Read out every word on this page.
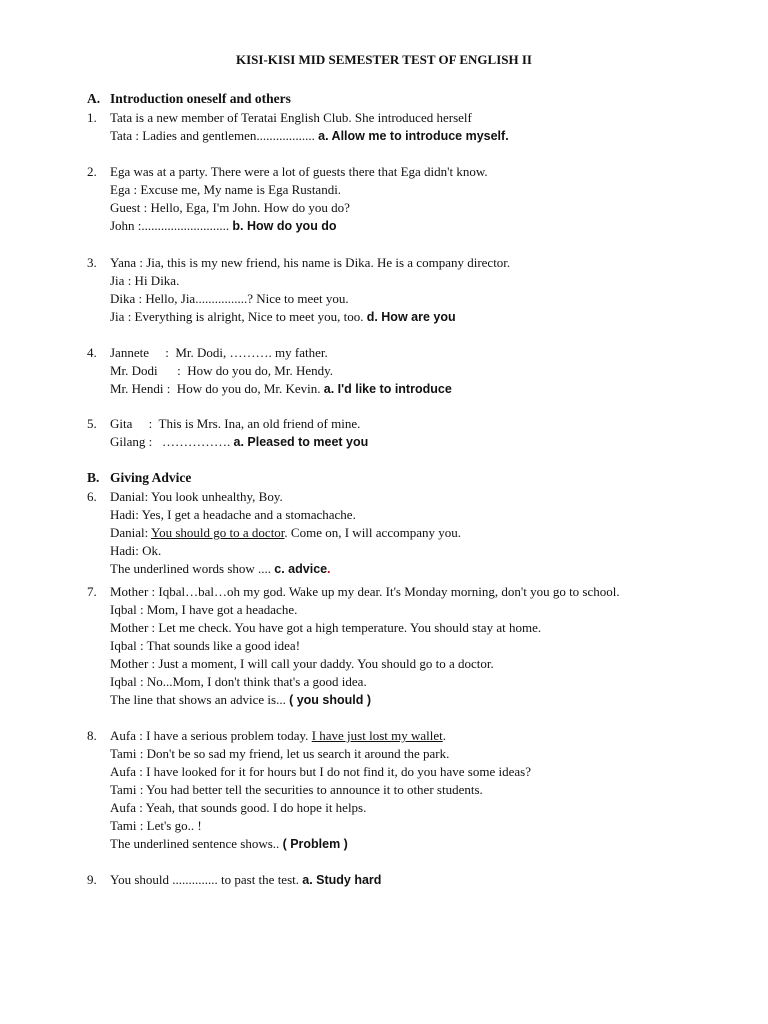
KISI-KISI MID SEMESTER TEST OF ENGLISH II
A. Introduction oneself and others
1. Tata is a new member of Teratai English Club. She introduced herself
Tata : Ladies and gentlemen.................. a. Allow me to introduce myself.
2. Ega was at a party. There were a lot of guests there that Ega didn't know.
Ega : Excuse me, My name is Ega Rustandi.
Guest : Hello, Ega, I'm John. How do you do?
John :........................... b. How do you do
3. Yana : Jia, this is my new friend, his name is Dika. He is a company director.
Jia : Hi Dika.
Dika : Hello, Jia................? Nice to meet you.
Jia : Everything is alright, Nice to meet you, too. d. How are you
4. Jannete     :  Mr. Dodi, ………. my father.
Mr. Dodi      :  How do you do, Mr. Hendy.
Mr. Hendi :  How do you do, Mr. Kevin. a. I'd like to introduce
5. Gita     :  This is Mrs. Ina, an old friend of mine.
Gilang :   ……………. a. Pleased to meet you
B. Giving Advice
6. Danial: You look unhealthy, Boy.
Hadi: Yes, I get a headache and a stomachache.
Danial: You should go to a doctor. Come on, I will accompany you.
Hadi: Ok.
The underlined words show .... c. advice.
7. Mother : Iqbal…bal…oh my god. Wake up my dear. It's Monday morning, don't you go to school.
Iqbal : Mom, I have got a headache.
Mother : Let me check. You have got a high temperature. You should stay at home.
Iqbal : That sounds like a good idea!
Mother : Just a moment, I will call your daddy. You should go to a doctor.
Iqbal : No...Mom, I don't think that's a good idea.
The line that shows an advice is... ( you should )
8. Aufa : I have a serious problem today. I have just lost my wallet.
Tami : Don't be so sad my friend, let us search it around the park.
Aufa : I have looked for it for hours but I do not find it, do you have some ideas?
Tami : You had better tell the securities to announce it to other students.
Aufa : Yeah, that sounds good. I do hope it helps.
Tami : Let's go.. !
The underlined sentence shows.. ( Problem )
9. You should .............. to past the test. a. Study hard
